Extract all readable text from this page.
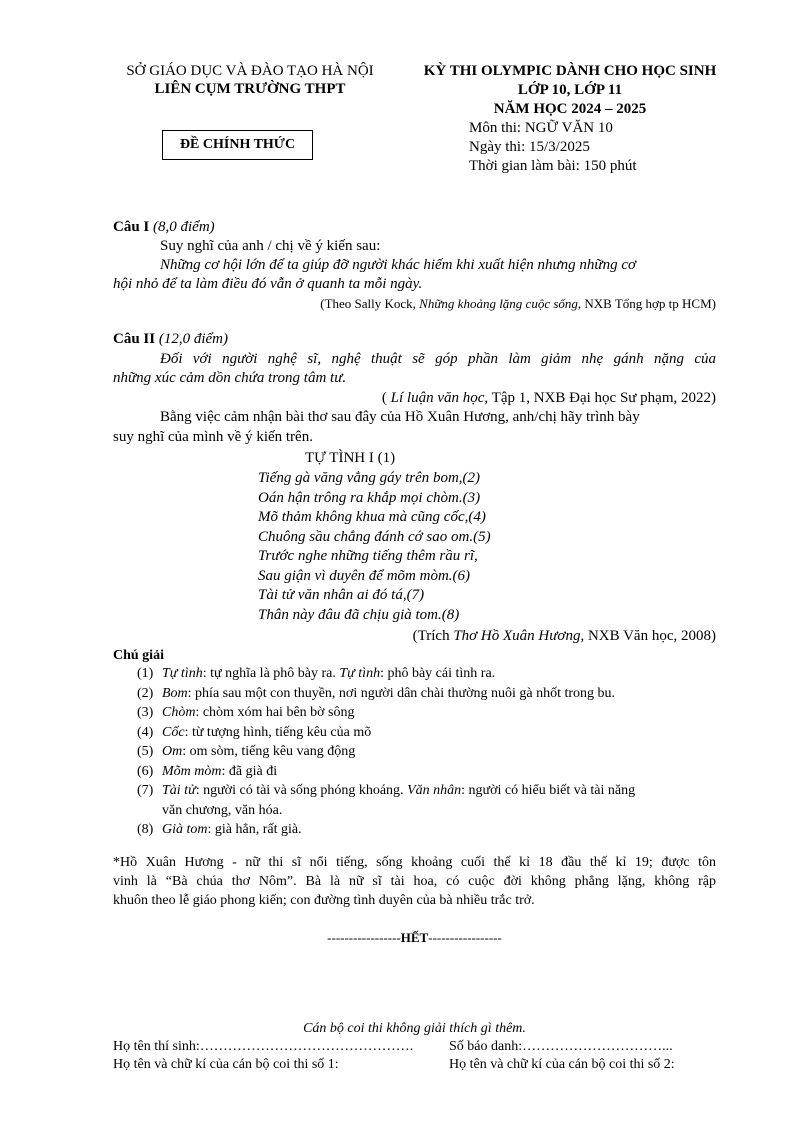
SỞ GIÁO DỤC VÀ ĐÀO TẠO HÀ NỘI
LIÊN CỤM TRƯỜNG THPT
ĐỀ CHÍNH THỨC
KỲ THI OLYMPIC DÀNH CHO HỌC SINH
LỚP 10, LỚP 11
NĂM HỌC 2024 – 2025
Môn thi: NGỮ VĂN 10
Ngày thi: 15/3/2025
Thời gian làm bài: 150 phút
Câu I (8,0 điểm)
Suy nghĩ của anh / chị về ý kiến sau:
Những cơ hội lớn để ta giúp đỡ người khác hiếm khi xuất hiện nhưng những cơ
hội nhỏ để ta làm điều đó vẫn ở quanh ta mỗi ngày.
(Theo Sally Kock, Những khoảng lặng cuộc sống, NXB Tổng hợp tp HCM)
Câu II (12,0 điểm)
Đối với người nghệ sĩ, nghệ thuật sẽ góp phần làm giảm nhẹ gánh nặng của
những xúc cảm dồn chứa trong tâm tư.
( Lí luận văn học, Tập 1, NXB Đại học Sư phạm, 2022)
Bằng việc cảm nhận bài thơ sau đây của Hồ Xuân Hương, anh/chị hãy trình bày
suy nghĩ của mình về ý kiến trên.
TỰ TÌNH I (1)
Tiếng gà văng vẳng gáy trên bom,(2)
Oán hận trông ra khắp mọi chòm.(3)
Mõ thảm không khua mà cũng cốc,(4)
Chuông sầu chẳng đánh cớ sao om.(5)
Trước nghe những tiếng thêm rầu rĩ,
Sau giận vì duyên để mõm mòm.(6)
Tài tử văn nhân ai đó tá,(7)
Thân này đâu đã chịu già tom.(8)
(Trích Thơ Hồ Xuân Hương, NXB Văn học, 2008)
Chú giải
(1) Tự tình: tự nghĩa là phô bày ra. Tự tình: phô bày cái tình ra.
(2) Bom: phía sau một con thuyền, nơi người dân chài thường nuôi gà nhốt trong bu.
(3) Chòm: chòm xóm hai bên bờ sông
(4) Cốc: từ tượng hình, tiếng kêu của mõ
(5) Om: om sòm, tiếng kêu vang động
(6) Mõm mòm: đã già đi
(7) Tài tử: người có tài và sống phóng khoáng. Văn nhân: người có hiểu biết và tài năng
văn chương, văn hóa.
(8) Già tom: già hẳn, rất già.
*Hồ Xuân Hương - nữ thi sĩ nổi tiếng, sống khoảng cuối thế kỉ 18 đầu thế kỉ 19; được tôn
vinh là “Bà chúa thơ Nôm”. Bà là nữ sĩ tài hoa, có cuộc đời không phẳng lặng, không rập
khuôn theo lễ giáo phong kiến; con đường tình duyên của bà nhiều trắc trở.
-----------------HẾT-----------------
Cán bộ coi thi không giải thích gì thêm.
Họ tên thí sinh:……………………………………….	Số báo danh:…………………………...
Họ tên và chữ kí của cán bộ coi thi số 1:	Họ tên và chữ kí của cán bộ coi thi số 2:
